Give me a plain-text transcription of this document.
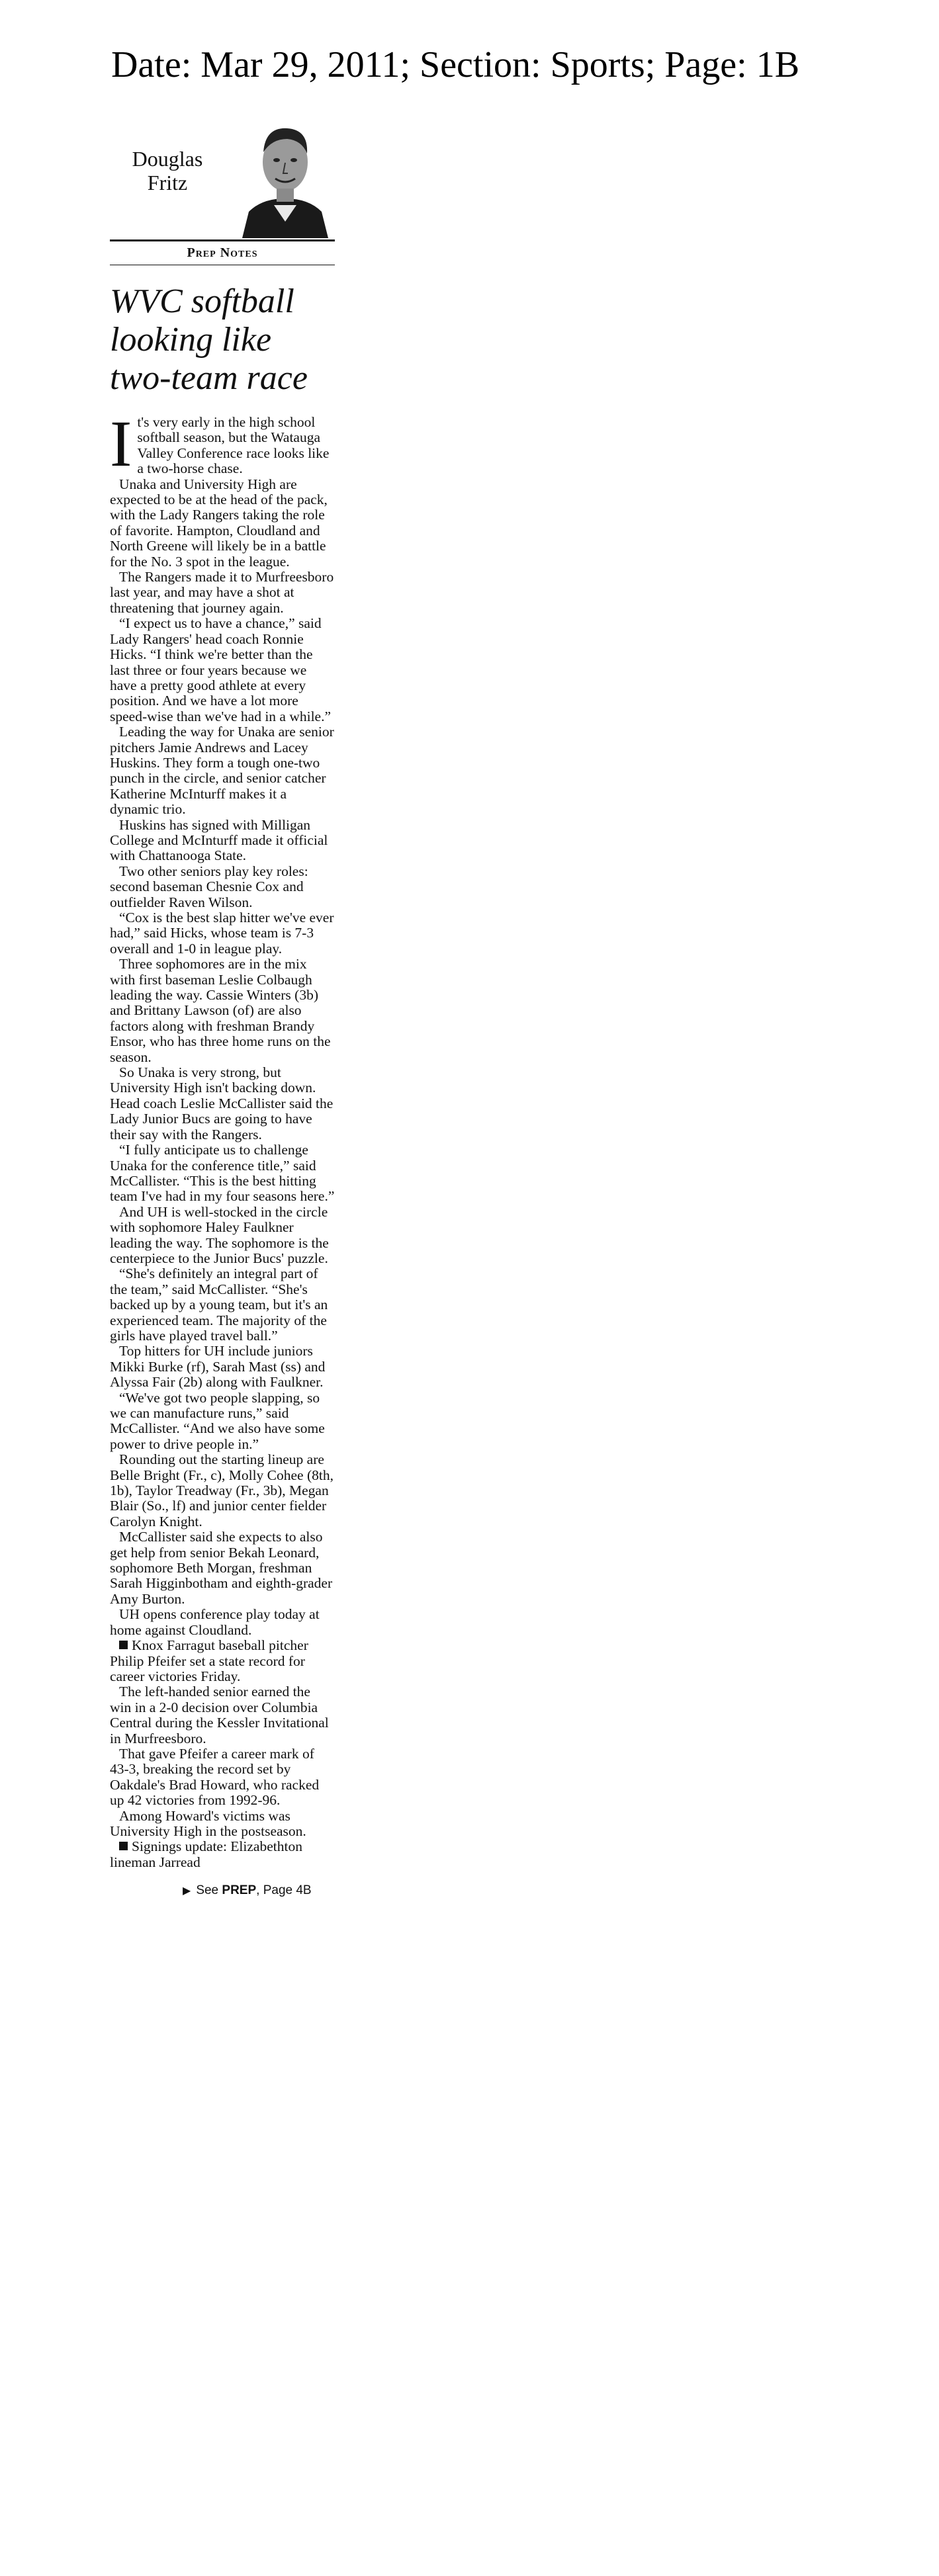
Date: Mar 29, 2011; Section: Sports; Page: 1B
Douglas
Fritz
Prep Notes
WVC softball
looking like
two-team race

It's very early in the high school softball season, but the Watauga Valley Conference race looks like a two-horse chase.

Unaka and University High are expected to be at the head of the pack, with the Lady Rangers taking the role of favorite. Hampton, Cloudland and North Greene will likely be in a battle for the No. 3 spot in the league.

The Rangers made it to Murfreesboro last year, and may have a shot at threatening that journey again.

“I expect us to have a chance,” said Lady Rangers' head coach Ronnie Hicks. “I think we're better than the last three or four years because we have a pretty good athlete at every position. And we have a lot more speed-wise than we've had in a while.”

Leading the way for Unaka are senior pitchers Jamie Andrews and Lacey Huskins. They form a tough one-two punch in the circle, and senior catcher Katherine McInturff makes it a dynamic trio.

Huskins has signed with Milligan College and McInturff made it official with Chattanooga State.

Two other seniors play key roles: second baseman Chesnie Cox and outfielder Raven Wilson.

“Cox is the best slap hitter we've ever had,” said Hicks, whose team is 7-3 overall and 1-0 in league play.

Three sophomores are in the mix with first baseman Leslie Colbaugh leading the way. Cassie Winters (3b) and Brittany Lawson (of) are also factors along with freshman Brandy Ensor, who has three home runs on the season.

So Unaka is very strong, but University High isn't backing down. Head coach Leslie McCallister said the Lady Junior Bucs are going to have their say with the Rangers.

“I fully anticipate us to challenge Unaka for the conference title,” said McCallister. “This is the best hitting team I've had in my four seasons here.”

And UH is well-stocked in the circle with sophomore Haley Faulkner leading the way. The sophomore is the centerpiece to the Junior Bucs' puzzle.

“She's definitely an integral part of the team,” said McCallister. “She's backed up by a young team, but it's an experienced team. The majority of the girls have played travel ball.”

Top hitters for UH include juniors Mikki Burke (rf), Sarah Mast (ss) and Alyssa Fair (2b) along with Faulkner.

“We've got two people slapping, so we can manufacture runs,” said McCallister. “And we also have some power to drive people in.”

Rounding out the starting lineup are Belle Bright (Fr., c), Molly Cohee (8th, 1b), Taylor Treadway (Fr., 3b), Megan Blair (So., lf) and junior center fielder Carolyn Knight.

McCallister said she expects to also get help from senior Bekah Leonard, sophomore Beth Morgan, freshman Sarah Higginbotham and eighth-grader Amy Burton.

UH opens conference play today at home against Cloudland.

Knox Farragut baseball pitcher Philip Pfeifer set a state record for career victories Friday.

The left-handed senior earned the win in a 2-0 decision over Columbia Central during the Kessler Invitational in Murfreesboro.

That gave Pfeifer a career mark of 43-3, breaking the record set by Oakdale's Brad Howard, who racked up 42 victories from 1992-96.

Among Howard's victims was University High in the postseason.

Signings update: Elizabethton lineman Jarread

▶ See PREP, Page 4B
